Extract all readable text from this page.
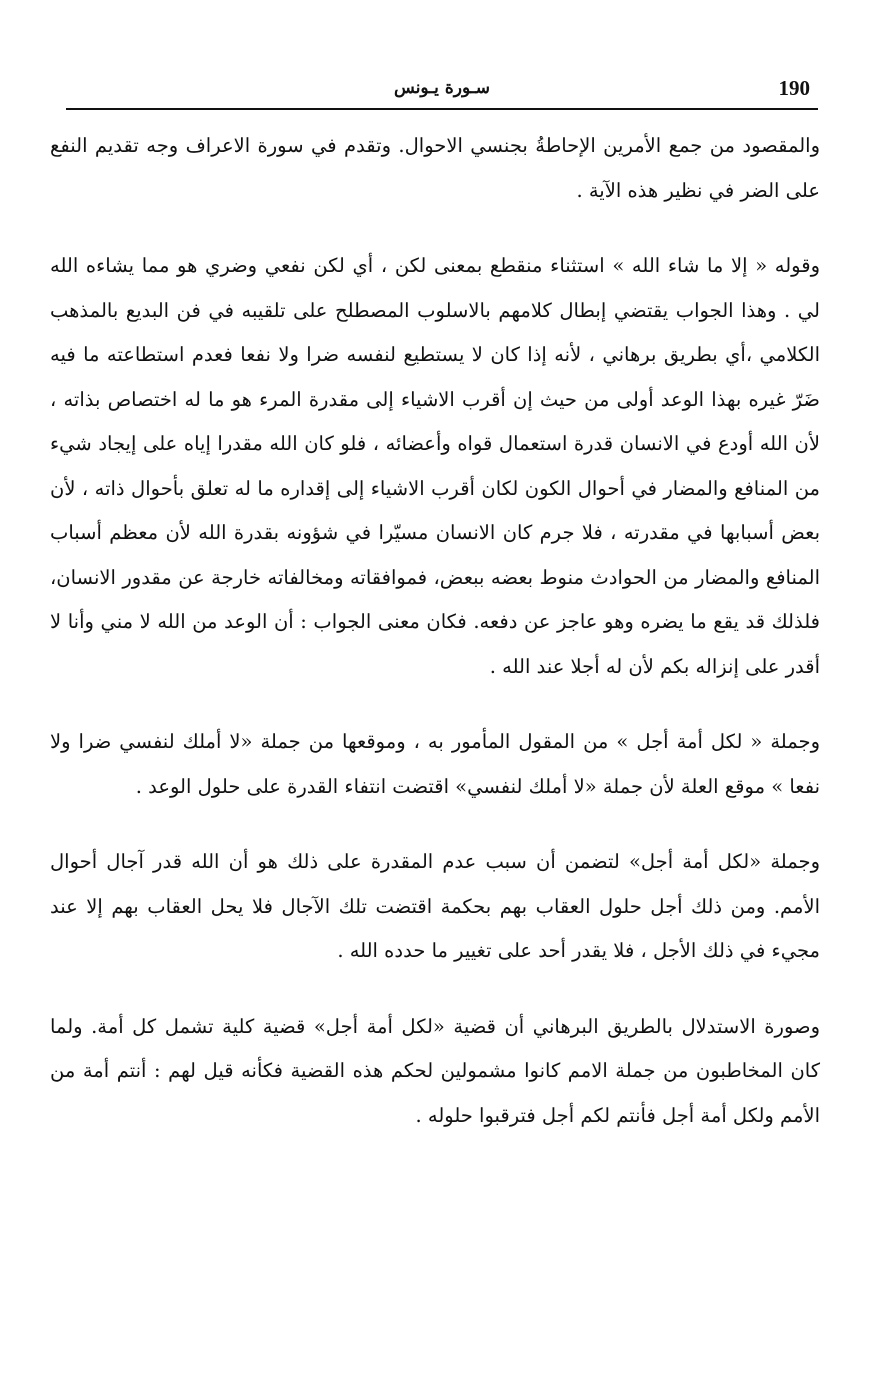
190
سـورة يـونس

والمقصود من جمع الأمرين الإحاطةُ بجنسي الاحوال. وتقدم في سورة الاعراف وجه تقديم النفع على الضر في نظير هذه الآية .

وقوله « إلا ما شاء الله » استثناء منقطع بمعنى لكن ، أي لكن نفعي وضري هو مما يشاءه الله لي . وهذا الجواب يقتضي إبطال كلامهم بالاسلوب المصطلح على تلقيبه في فن البديع بالمذهب الكلامي ،أي بطريق برهاني ، لأنه إذا كان لا يستطيع لنفسه ضرا ولا نفعا فعدم استطاعته ما فيه ضَرّ غيره بهذا الوعد أولى من حيث إن أقرب الاشياء إلى مقدرة المرء هو ما له اختصاص بذاته ، لأن الله أودع في الانسان قدرة استعمال قواه وأعضائه ، فلو كان الله مقدرا إياه على إيجاد شيء من المنافع والمضار في أحوال الكون لكان أقرب الاشياء إلى إقداره ما له تعلق بأحوال ذاته ، لأن بعض أسبابها في مقدرته ، فلا جرم كان الانسان مسيّرا في شؤونه بقدرة الله لأن معظم أسباب المنافع والمضار من الحوادث منوط بعضه ببعض، فموافقاته ومخالفاته خارجة عن مقدور الانسان، فلذلك قد يقع ما يضره وهو عاجز عن دفعه. فكان معنى الجواب : أن الوعد من الله لا مني وأنا لا أقدر على إنزاله بكم لأن له أجلا عند الله .

وجملة « لكل أمة أجل » من المقول المأمور به ، وموقعها من جملة «لا أملك لنفسي ضرا ولا نفعا » موقع العلة لأن جملة «لا أملك لنفسي» اقتضت انتفاء القدرة على حلول الوعد .

وجملة «لكل أمة أجل» لتضمن أن سبب عدم المقدرة على ذلك هو أن الله قدر آجال أحوال الأمم. ومن ذلك أجل حلول العقاب بهم بحكمة اقتضت تلك الآجال فلا يحل العقاب بهم إلا عند مجيء في ذلك الأجل ، فلا يقدر أحد على تغيير ما حدده الله .

وصورة الاستدلال بالطريق البرهاني أن قضية «لكل أمة أجل» قضية كلية تشمل كل أمة. ولما كان المخاطبون من جملة الامم كانوا مشمولين لحكم هذه القضية فكأنه قيل لهم : أنتم أمة من الأمم ولكل أمة أجل فأنتم لكم أجل فترقبوا حلوله .
